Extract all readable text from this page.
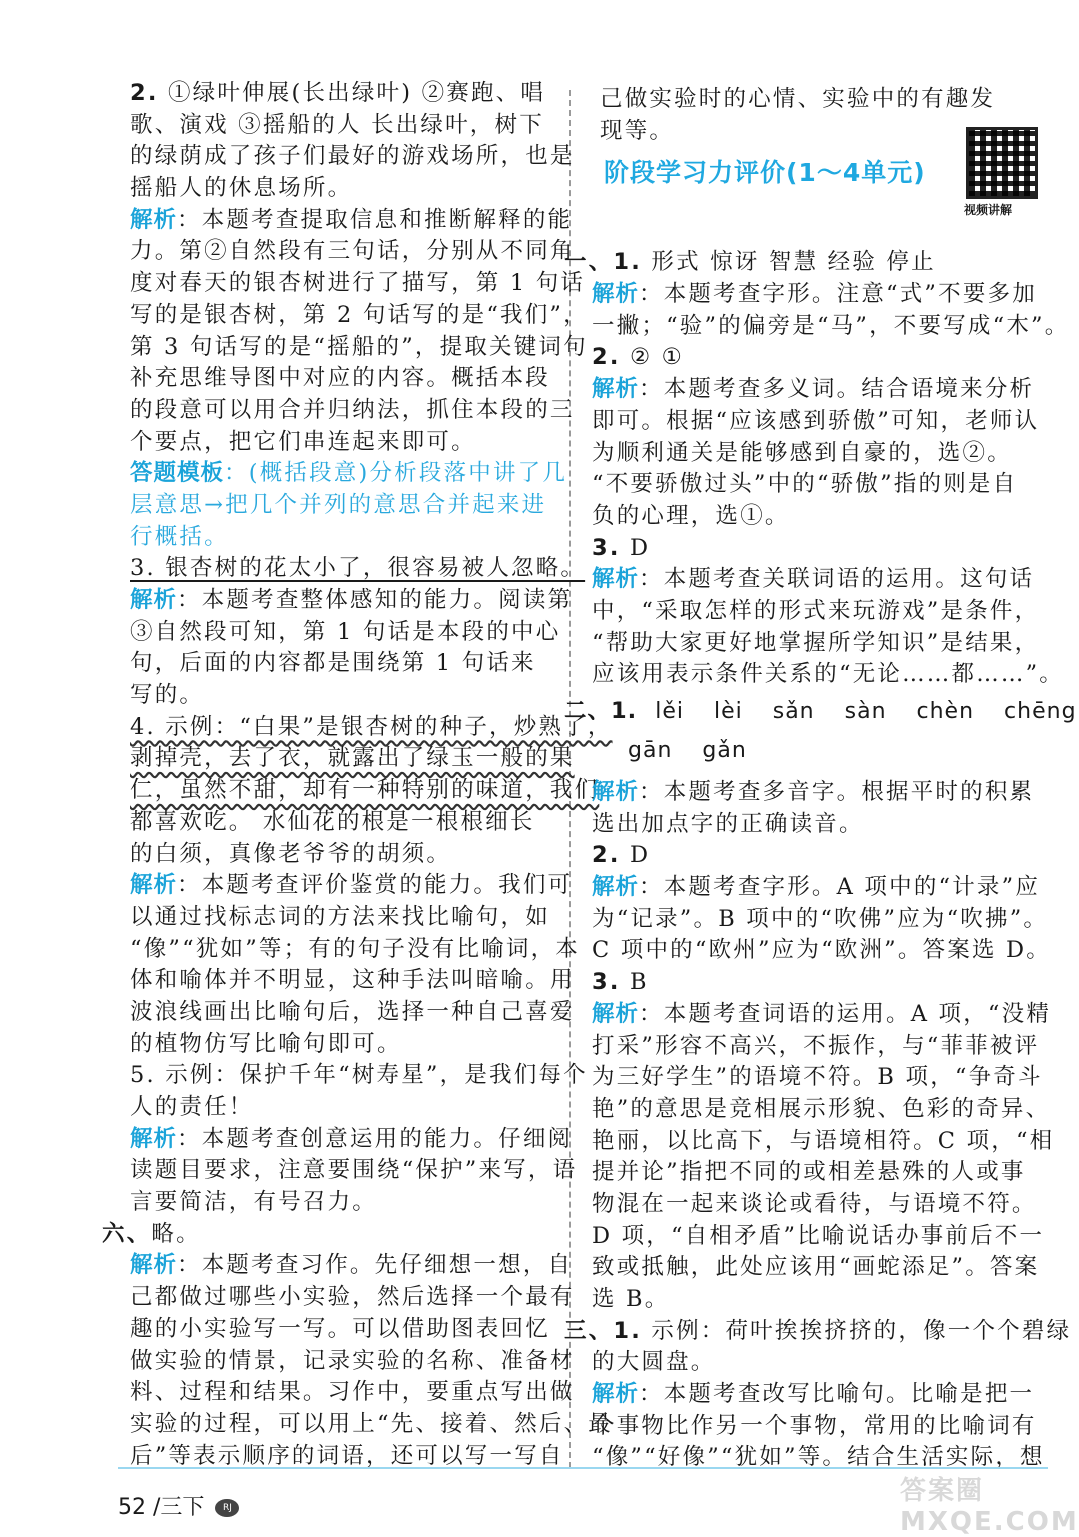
2. ①绿叶伸展(长出绿叶) ②赛跑、唱

歌、演戏 ③摇船的人 长出绿叶，树下

的绿荫成了孩子们最好的游戏场所，也是

摇船人的休息场所。

解析：本题考查提取信息和推断解释的能

力。第②自然段有三句话，分别从不同角

度对春天的银杏树进行了描写，第 1 句话

写的是银杏树，第 2 句话写的是“我们”，

第 3 句话写的是“摇船的”，提取关键词句

补充思维导图中对应的内容。概括本段

的段意可以用合并归纳法，抓住本段的三

个要点，把它们串连起来即可。

答题模板：(概括段意)分析段落中讲了几

层意思→把几个并列的意思合并起来进

行概括。

3. 银杏树的花太小了，很容易被人忽略。

解析：本题考查整体感知的能力。阅读第

③自然段可知，第 1 句话是本段的中心

句，后面的内容都是围绕第 1 句话来

写的。

4. 示例：“白果”是银杏树的种子，炒熟了，

剥掉壳，去了衣，就露出了绿玉一般的果

仁，虽然不甜，却有一种特别的味道，我们

都喜欢吃。 水仙花的根是一根根细长

的白须，真像老爷爷的胡须。

解析：本题考查评价鉴赏的能力。我们可

以通过找标志词的方法来找比喻句，如

“像”“犹如”等；有的句子没有比喻词，本

体和喻体并不明显，这种手法叫暗喻。用

波浪线画出比喻句后，选择一种自己喜爱

的植物仿写比喻句即可。

5. 示例：保护千年“树寿星”，是我们每个

人的责任！

解析：本题考查创意运用的能力。仔细阅

读题目要求，注意要围绕“保护”来写，语

言要简洁，有号召力。

六、略。

解析：本题考查习作。先仔细想一想，自

己都做过哪些小实验，然后选择一个最有

趣的小实验写一写。可以借助图表回忆

做实验的情景，记录实验的名称、准备材

料、过程和结果。习作中，要重点写出做

实验的过程，可以用上“先、接着、然后、最

后”等表示顺序的词语，还可以写一写自

己做实验时的心情、实验中的有趣发

现等。

阶段学习力评价(1～4单元)
视频讲解

一、1. 形式 惊讶 智慧 经验 停止

解析：本题考查字形。注意“式”不要多加

一撇；“验”的偏旁是“马”，不要写成“木”。

2. ② ①

解析：本题考查多义词。结合语境来分析

即可。根据“应该感到骄傲”可知，老师认

为顺利通关是能够感到自豪的，选②。

“不要骄傲过头”中的“骄傲”指的则是自

负的心理，选①。

3. D

解析：本题考查关联词语的运用。这句话

中，“采取怎样的形式来玩游戏”是条件，

“帮助大家更好地掌握所学知识”是结果，

应该用表示条件关系的“无论……都……”。

二、1. lěi lèi sǎn sàn chèn chēng
gān gǎn

解析：本题考查多音字。根据平时的积累

选出加点字的正确读音。

2. D

解析：本题考查字形。A 项中的“计录”应

为“记录”。B 项中的“吹佛”应为“吹拂”。

C 项中的“欧州”应为“欧洲”。答案选 D。

3. B

解析：本题考查词语的运用。A 项，“没精

打采”形容不高兴，不振作，与“菲菲被评

为三好学生”的语境不符。B 项，“争奇斗

艳”的意思是竞相展示形貌、色彩的奇异、

艳丽，以比高下，与语境相符。C 项，“相

提并论”指把不同的或相差悬殊的人或事

物混在一起来谈论或看待，与语境不符。

D 项，“自相矛盾”比喻说话办事前后不一

致或抵触，此处应该用“画蛇添足”。答案

选 B。

三、1. 示例：荷叶挨挨挤挤的，像一个个碧绿

的大圆盘。

解析：本题考查改写比喻句。比喻是把一

个事物比作另一个事物，常用的比喻词有

“像”“好像”“犹如”等。结合生活实际，想

52 /三下 RJ
答案圈 MXQE.COM
